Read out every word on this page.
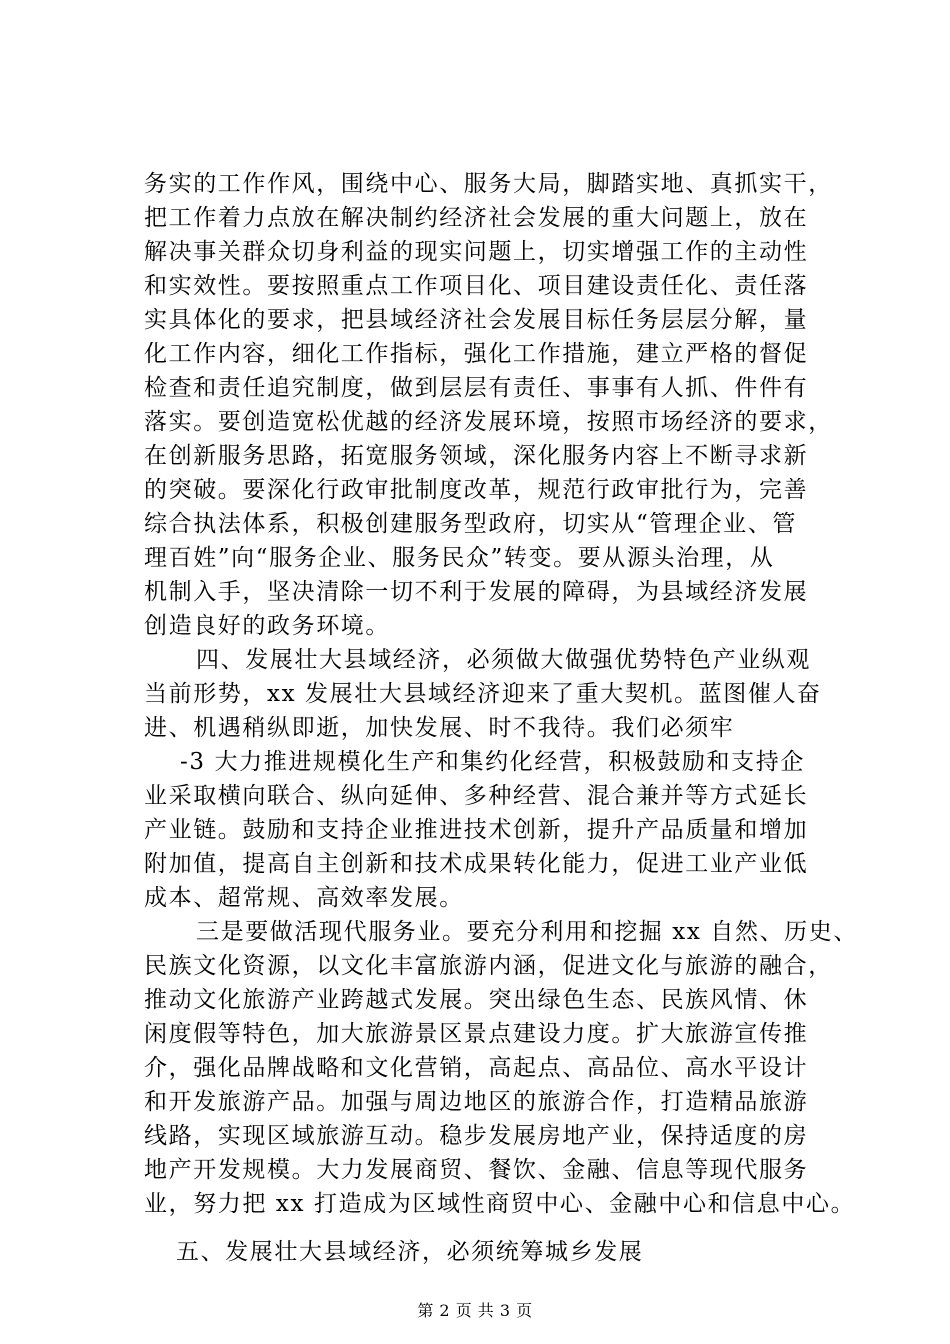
务实的工作作风，围绕中心、服务大局，脚踏实地、真抓实干，
把工作着力点放在解决制约经济社会发展的重大问题上，放在
解决事关群众切身利益的现实问题上，切实增强工作的主动性
和实效性。要按照重点工作项目化、项目建设责任化、责任落
实具体化的要求，把县域经济社会发展目标任务层层分解，量
化工作内容，细化工作指标，强化工作措施，建立严格的督促
检查和责任追究制度，做到层层有责任、事事有人抓、件件有
落实。要创造宽松优越的经济发展环境，按照市场经济的要求，
在创新服务思路，拓宽服务领域，深化服务内容上不断寻求新
的突破。要深化行政审批制度改革，规范行政审批行为，完善
综合执法体系，积极创建服务型政府，切实从“管理企业、管
理百姓”向“服务企业、服务民众”转变。要从源头治理，从
机制入手，坚决清除一切不利于发展的障碍，为县域经济发展
创造良好的政务环境。
四、发展壮大县域经济，必须做大做强优势特色产业纵观
当前形势，xx 发展壮大县域经济迎来了重大契机。蓝图催人奋
进、机遇稍纵即逝，加快发展、时不我待。我们必须牢
-3 大力推进规模化生产和集约化经营，积极鼓励和支持企
业采取横向联合、纵向延伸、多种经营、混合兼并等方式延长
产业链。鼓励和支持企业推进技术创新，提升产品质量和增加
附加值，提高自主创新和技术成果转化能力，促进工业产业低
成本、超常规、高效率发展。
三是要做活现代服务业。要充分利用和挖掘 xx 自然、历史、
民族文化资源，以文化丰富旅游内涵，促进文化与旅游的融合，
推动文化旅游产业跨越式发展。突出绿色生态、民族风情、休
闲度假等特色，加大旅游景区景点建设力度。扩大旅游宣传推
介，强化品牌战略和文化营销，高起点、高品位、高水平设计
和开发旅游产品。加强与周边地区的旅游合作，打造精品旅游
线路，实现区域旅游互动。稳步发展房地产业，保持适度的房
地产开发规模。大力发展商贸、餐饮、金融、信息等现代服务
业，努力把 xx 打造成为区域性商贸中心、金融中心和信息中心。
五、发展壮大县域经济，必须统筹城乡发展
第 2 页 共 3 页
